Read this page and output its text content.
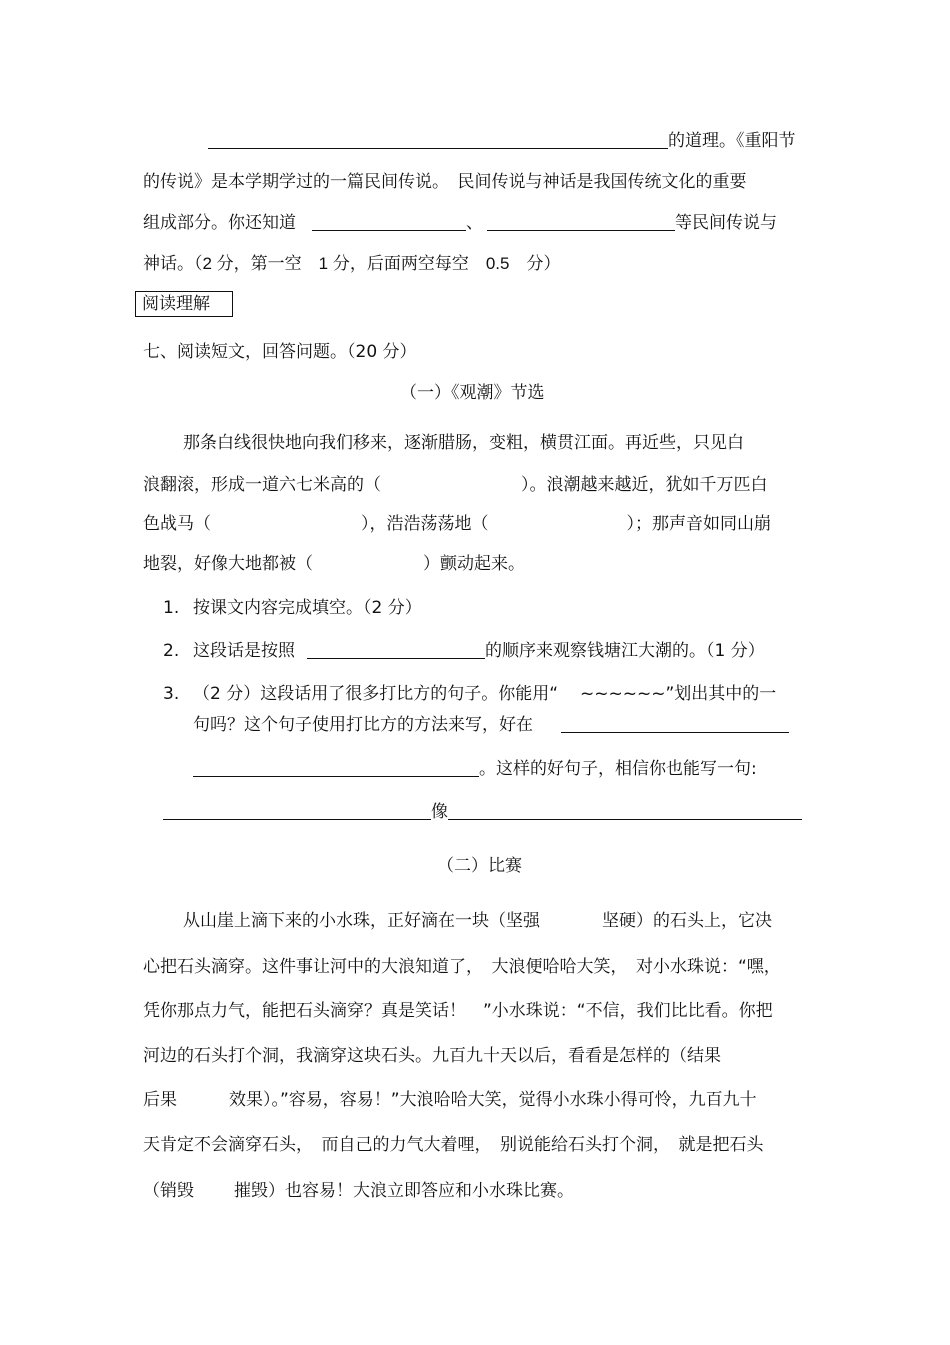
的道理。《重阳节
的传说》是本学期学过的一篇民间传说。　民间传说与神话是我国传统文化的重要
组成部分。你还知道	、	等民间传说与
神话。（2 分，第一空　1 分，后面两空每空　0.5　分）
阅读理解
七、阅读短文，回答问题。（20 分）
（一）《观潮》节选
那条白线很快地向我们移来，逐渐腊肠，变粗，横贯江面。再近些，只见白
浪翻滚，形成一道六七米高的（	）。浪潮越来越近，犹如千万匹白
色战马（	），浩浩荡荡地（	）；那声音如同山崩
地裂，好像大地都被（	）颤动起来。
1. 按课文内容完成填空。（2 分）
2. 这段话是按照	的顺序来观察钱塘江大潮的。（1 分）
3. （2 分）这段话用了很多打比方的句子。你能用“ ~~~~~~”划出其中的一
句吗？这个句子使用打比方的方法来写，好在
。这样的好句子，相信你也能写一句:
像
（二）比赛
从山崖上滴下来的小水珠，正好滴在一块（坚强	坚硬）的石头上，它决
心把石头滴穿。这件事让河中的大浪知道了，　大浪便哈哈大笑，　对小水珠说：“嘿，
凭你那点力气，能把石头滴穿？真是笑话！　”小水珠说：“不信，我们比比看。你把
河边的石头打个洞，我滴穿这块石头。九百九十天以后，看看是怎样的（结果
后果	效果）。”容易，容易！”大浪哈哈大笑，觉得小水珠小得可怜，九百九十
天肯定不会滴穿石头，　而自己的力气大着哩，　别说能给石头打个洞，　就是把石头
（销毁 摧毁）也容易！大浪立即答应和小水珠比赛。
